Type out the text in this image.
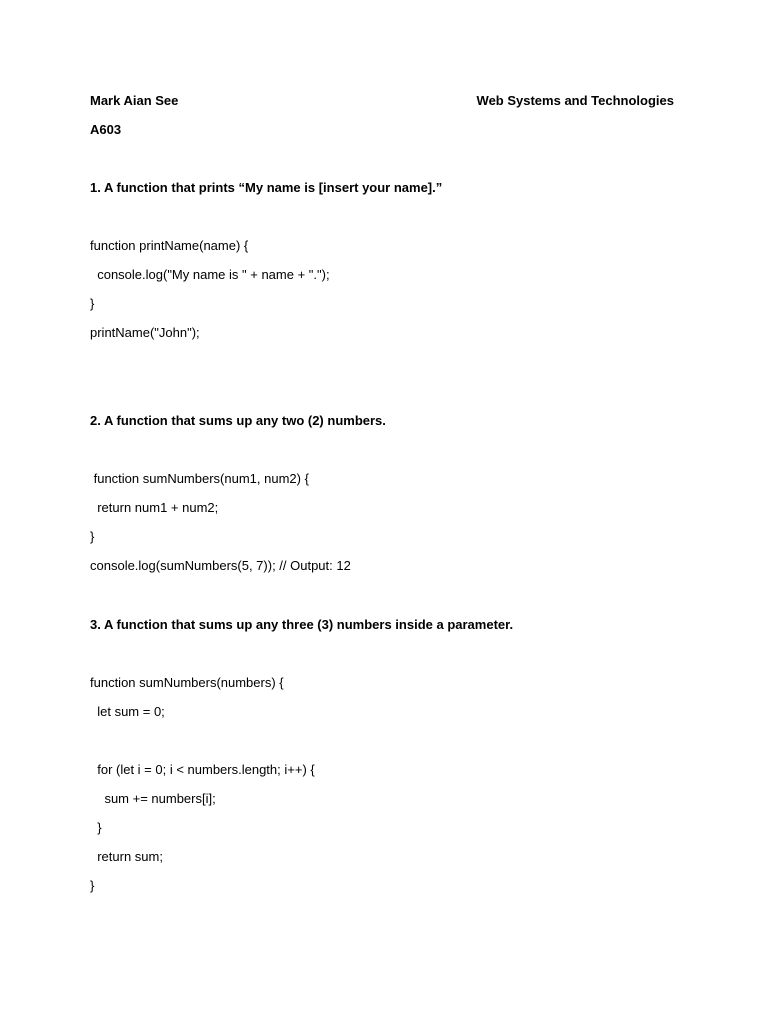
Mark Aian See	Web Systems and Technologies
A603
1. A function that prints “My name is [insert your name].”
function printName(name) {
console.log("My name is " + name + ".");
}
printName("John");
2. A function that sums up any two (2) numbers.
function sumNumbers(num1, num2) {
return num1 + num2;
}
console.log(sumNumbers(5, 7)); // Output: 12
3. A function that sums up any three (3) numbers inside a parameter.
function sumNumbers(numbers) {
let sum = 0;
for (let i = 0; i < numbers.length; i++) {
sum += numbers[i];
}
return sum;
}
